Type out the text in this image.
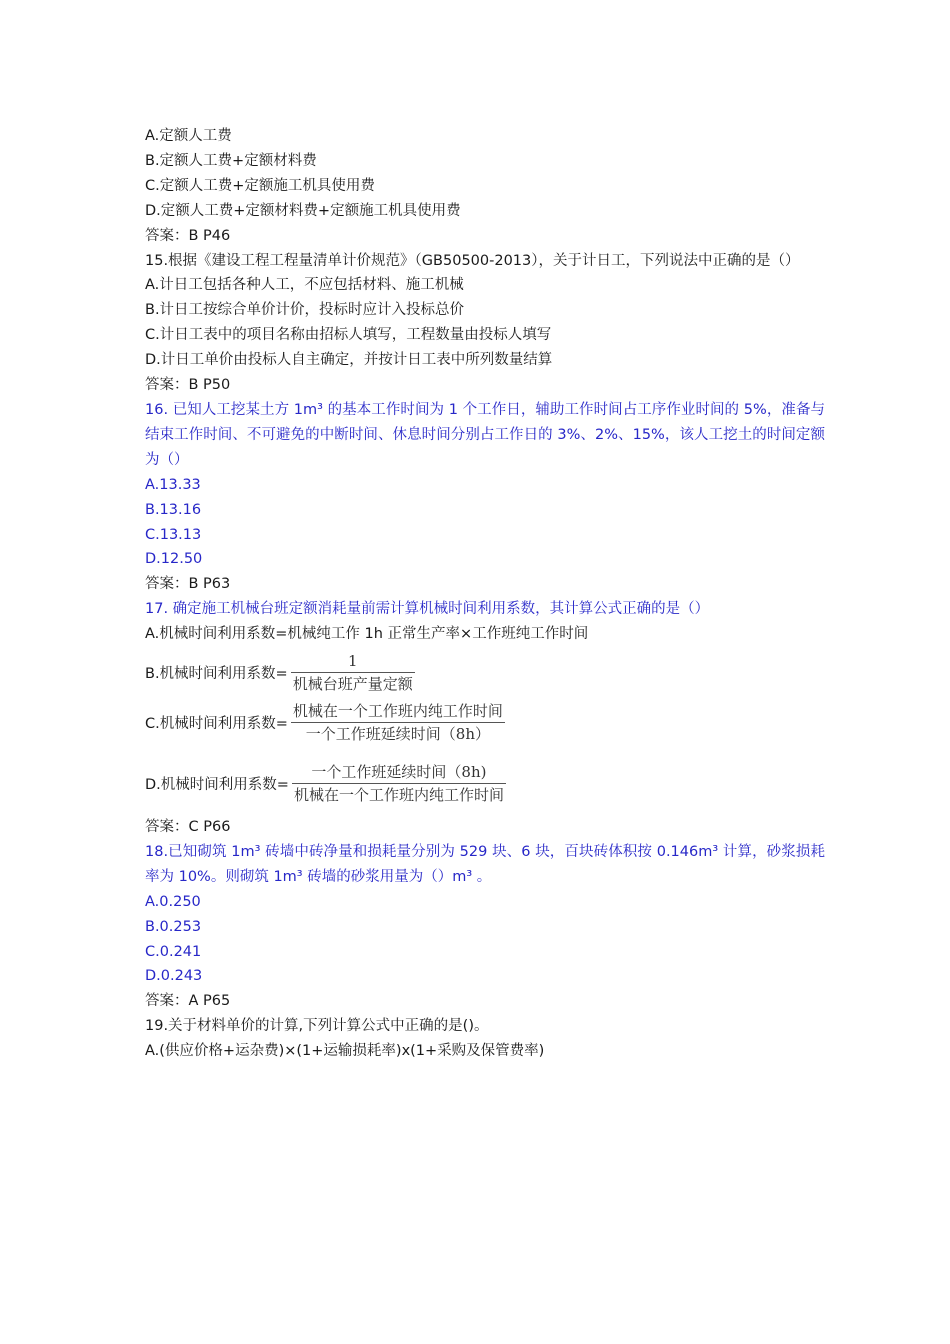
A.定额人工费
B.定额人工费+定额材料费
C.定额人工费+定额施工机具使用费
D.定额人工费+定额材料费+定额施工机具使用费
答案：B P46
15.根据《建设工程工程量清单计价规范》（GB50500-2013），关于计日工，下列说法中正确的是（）
A.计日工包括各种人工，不应包括材料、施工机械
B.计日工按综合单价计价，投标时应计入投标总价
C.计日工表中的项目名称由招标人填写，工程数量由投标人填写
D.计日工单价由投标人自主确定，并按计日工表中所列数量结算
答案：B P50
16. 已知人工挖某土方 1m³ 的基本工作时间为 1 个工作日，辅助工作时间占工序作业时间的 5%，准备与结束工作时间、不可避免的中断时间、休息时间分别占工作日的 3%、2%、15%，该人工挖土的时间定额为（）
A.13.33
B.13.16
C.13.13
D.12.50
答案：B P63
17. 确定施工机械台班定额消耗量前需计算机械时间利用系数，其计算公式正确的是（）
A.机械时间利用系数=机械纯工作 1h 正常生产率×工作班纯工作时间
B.机械时间利用系数= $\frac{1}{\text{机械台班产量定额}}$
C.机械时间利用系数= $\frac{\text{机械在一个工作班内纯工作时间}}{\text{一个工作班延续时间（8h）}}$
D.机械时间利用系数= $\frac{\text{一个工作班延续时间（8h)}}{\text{机械在一个工作班内纯工作时间}}$
答案：C P66
18.已知砌筑 1m³ 砖墙中砖净量和损耗量分别为 529 块、6 块，百块砖体积按 0.146m³ 计算，砂浆损耗率为 10%。则砌筑 1m³ 砖墙的砂浆用量为（）m³ 。
A.0.250
B.0.253
C.0.241
D.0.243
答案：A P65
19.关于材料单价的计算,下列计算公式中正确的是()。
A.(供应价格+运杂费)×(1+运输损耗率)x(1+采购及保管费率)
